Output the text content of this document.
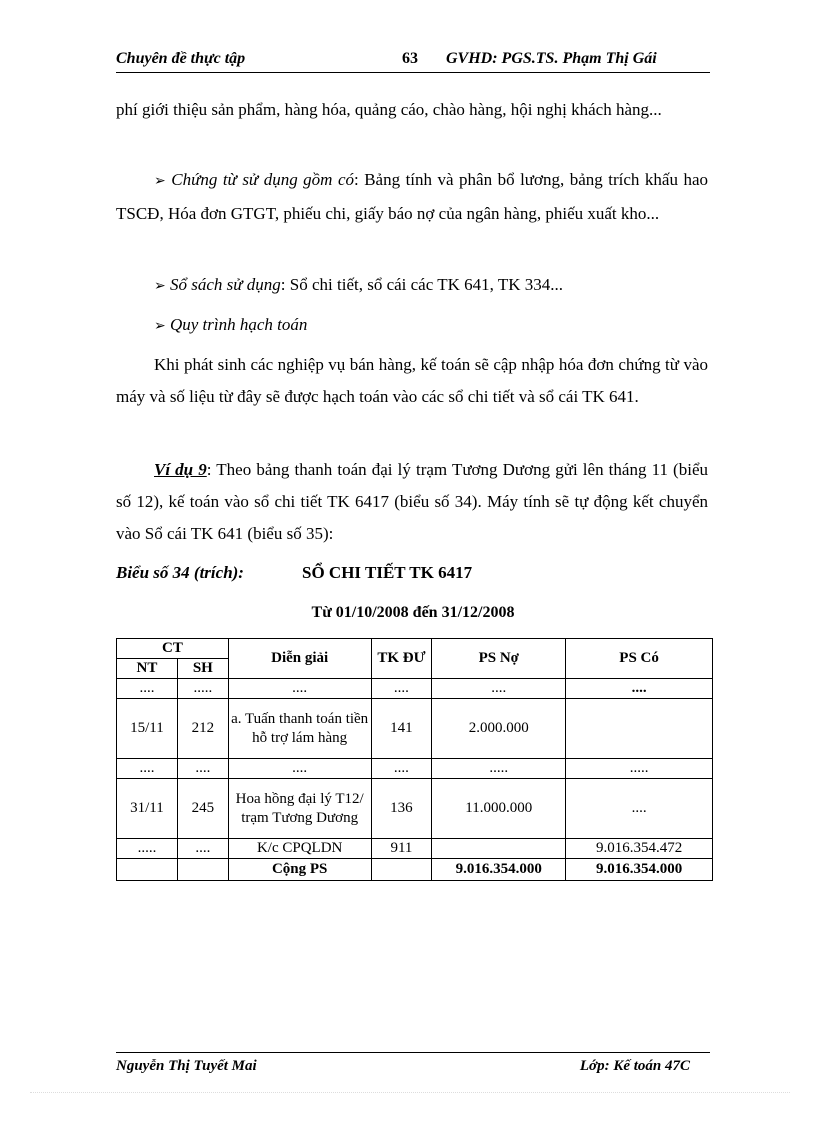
Chuyên đề thực tập	63 GVHD: PGS.TS. Phạm Thị Gái
phí giới thiệu sản phẩm, hàng hóa, quảng cáo, chào hàng, hội nghị khách hàng...
➢ Chứng từ sử dụng gồm có: Bảng tính và phân bổ lương, bảng trích khấu hao TSCĐ, Hóa đơn GTGT, phiếu chi, giấy báo nợ của ngân hàng, phiếu xuất kho...
➢ Sổ sách sử dụng: Sổ chi tiết, sổ cái các TK 641, TK 334...
➢ Quy trình hạch toán
Khi phát sinh các nghiệp vụ bán hàng, kế toán sẽ cập nhập hóa đơn chứng từ vào máy và số liệu từ đây sẽ được hạch toán vào các sổ chi tiết và sổ cái TK 641.
Ví dụ 9: Theo bảng thanh toán đại lý trạm Tương Dương gửi lên tháng 11 (biểu số 12), kế toán vào sổ chi tiết TK 6417 (biểu số 34). Máy tính sẽ tự động kết chuyển vào Sổ cái TK 641 (biểu số 35):
Biểu số 34 (trích):	SỔ CHI TIẾT TK 6417
Từ 01/10/2008 đến 31/12/2008
CT		Diễn giải	TK ĐƯ	PS Nợ	PS Có
NT	SH				
....	.....	....	....	....	....
15/11	212	a. Tuấn thanh toán tiền hỗ trợ lám hàng	141	2.000.000	
....	....	....	....	.....	.....
31/11	245	Hoa hồng đại lý T12/ trạm Tương Dương	136	11.000.000	....
.....	....	K/c CPQLDN	911		9.016.354.472
		Cộng PS		9.016.354.000	9.016.354.000
Nguyễn Thị Tuyết Mai	Lớp: Kế toán 47C
